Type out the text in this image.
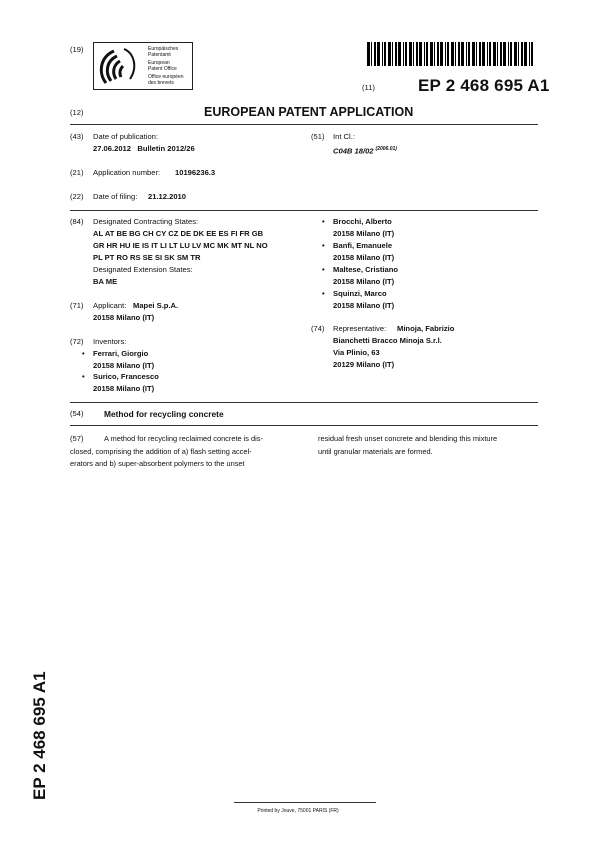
(19)	Europäisches
Patentamt
European
Patent Office
Office européen
des brevets	(11)	EP 2 468 695 A1
(12)	EUROPEAN PATENT APPLICATION
(43) Date of publication:
27.06.2012   Bulletin 2012/26
(21) Application number: 10196236.3
(22) Date of filing: 21.12.2010
(51) Int Cl.:
C04B 18/02 $^{(2006.01)}$
(84) Designated Contracting States:
AL AT BE BG CH CY CZ DE DK EE ES FI FR GB
GR HR HU IE IS IT LI LT LU LV MC MK MT NL NO
PL PT RO RS SE SI SK SM TR
Designated Extension States:
BA ME
(71) Applicant: Mapei S.p.A.
20158 Milano (IT)
(72) Inventors:
• Ferrari, Giorgio
20158 Milano (IT)
• Surico, Francesco
20158 Milano (IT)
• Brocchi, Alberto
20158 Milano (IT)
• Banfi, Emanuele
20158 Milano (IT)
• Maltese, Cristiano
20158 Milano (IT)
• Squinzi, Marco
20158 Milano (IT)
(74) Representative: Minoja, Fabrizio
Bianchetti Bracco Minoja S.r.l.
Via Plinio, 63
20129 Milano (IT)
(54) Method for recycling concrete
(57)	A method for recycling reclaimed concrete is dis-
closed, comprising the addition of a) flash setting accel-
erators and b) super-absorbent polymers to the unset
residual fresh unset concrete and blending this mixture
until granular materials are formed.
EP 2 468 695 A1
Printed by Jouve, 75001 PARIS (FR)
